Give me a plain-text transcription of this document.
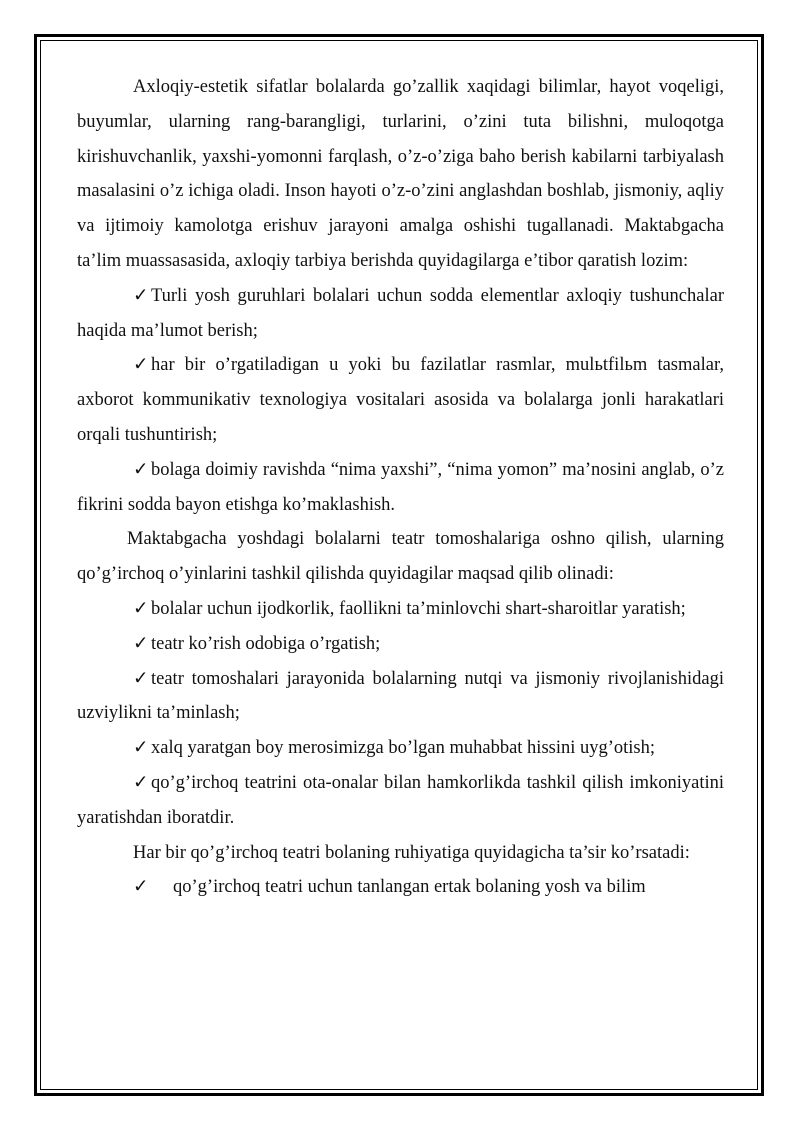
Axloqiy-estetik sifatlar bolalarda go’zallik xaqidagi bilimlar, hayot voqeligi, buyumlar, ularning rang-barangligi, turlarini, o’zini tuta bilishni, muloqotga kirishuvchanlik, yaxshi-yomonni farqlash, o’z-o’ziga baho berish kabilarni tarbiyalash masalasini o’z ichiga oladi. Inson hayoti o’z-o’zini anglashdan boshlab, jismoniy, aqliy va ijtimoiy kamolotga erishuv jarayoni amalga oshishi tugallanadi. Maktabgacha ta’lim muassasasida, axloqiy tarbiya berishda quyidagilarga e’tibor qaratish lozim:

✓ Turli yosh guruhlari bolalari uchun sodda elementlar axloqiy tushunchalar haqida ma’lumot berish;

✓ har bir o’rgatiladigan u yoki bu fazilatlar rasmlar, mulьtfilьm tasmalar, axborot kommunikativ texnologiya vositalari asosida va bolalarga jonli harakatlari orqali tushuntirish;

✓ bolaga doimiy ravishda “nima yaxshi”, “nima yomon” ma’nosini anglab, o’z fikrini sodda bayon etishga ko’maklashish.

Maktabgacha yoshdagi bolalarni teatr tomoshalariga oshno qilish, ularning qo’g’irchoq o’yinlarini tashkil qilishda quyidagilar maqsad qilib olinadi:

✓ bolalar uchun ijodkorlik, faollikni ta’minlovchi shart-sharoitlar yaratish;

✓ teatr ko’rish odobiga o’rgatish;

✓ teatr tomoshalari jarayonida bolalarning nutqi va jismoniy rivojlanishidagi uzviylikni ta’minlash;

✓ xalq yaratgan boy merosimizga bo’lgan muhabbat hissini uyg’otish;

✓ qo’g’irchoq teatrini ota-onalar bilan hamkorlikda tashkil qilish imkoniyatini yaratishdan iboratdir.

Har bir qo’g’irchoq teatri bolaning ruhiyatiga quyidagicha ta’sir ko’rsatadi:

✓ qo’g’irchoq teatri uchun tanlangan ertak bolaning yosh va bilim
